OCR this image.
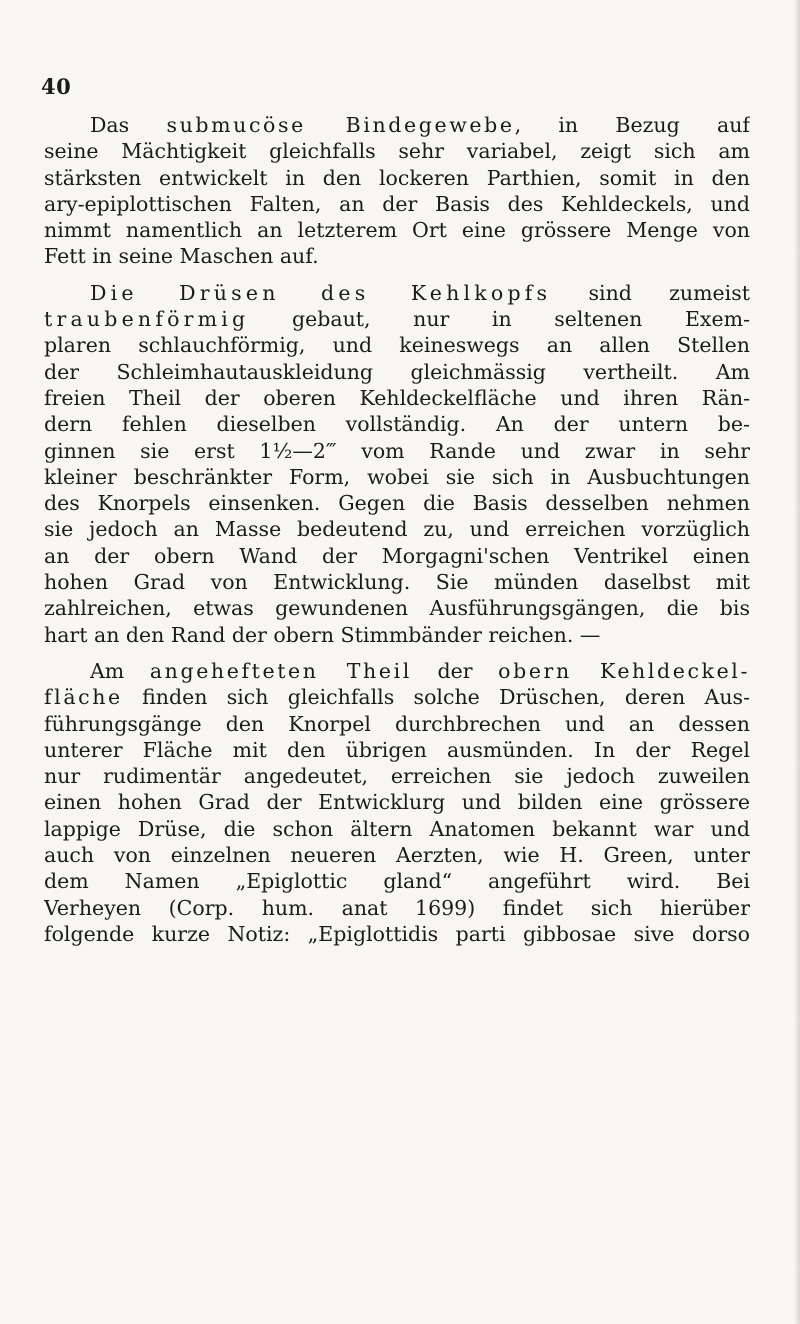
40
Das submucöse Bindegewebe, in Bezug auf
seine Mächtigkeit gleichfalls sehr variabel, zeigt sich am
stärksten entwickelt in den lockeren Parthien, somit in den
ary-epiplottischen Falten, an der Basis des Kehldeckels, und
nimmt namentlich an letzterem Ort eine grössere Menge von
Fett in seine Maschen auf.
Die Drüsen des Kehlkopfs sind zumeist
traubenförmig gebaut, nur in seltenen Exem-
plaren schlauchförmig, und keineswegs an allen Stellen
der Schleimhautauskleidung gleichmässig vertheilt. Am
freien Theil der oberen Kehldeckelfläche und ihren Rän-
dern fehlen dieselben vollständig. An der untern be-
ginnen sie erst 1½—2‴ vom Rande und zwar in sehr
kleiner beschränkter Form, wobei sie sich in Ausbuchtungen
des Knorpels einsenken. Gegen die Basis desselben nehmen
sie jedoch an Masse bedeutend zu, und erreichen vorzüglich
an der obern Wand der Morgagni'schen Ventrikel einen
hohen Grad von Entwicklung. Sie münden daselbst mit
zahlreichen, etwas gewundenen Ausführungsgängen, die bis
hart an den Rand der obern Stimmbänder reichen. —
Am angehefteten Theil der obern Kehldeckel-
fläche finden sich gleichfalls solche Drüschen, deren Aus-
führungsgänge den Knorpel durchbrechen und an dessen
unterer Fläche mit den übrigen ausmünden. In der Regel
nur rudimentär angedeutet, erreichen sie jedoch zuweilen
einen hohen Grad der Entwicklurg und bilden eine grössere
lappige Drüse, die schon ältern Anatomen bekannt war und
auch von einzelnen neueren Aerzten, wie H. Green, unter
dem Namen „Epiglottic gland“ angeführt wird. Bei
Verheyen (Corp. hum. anat 1699) findet sich hierüber
folgende kurze Notiz: „Epiglottidis parti gibbosae sive dorso
